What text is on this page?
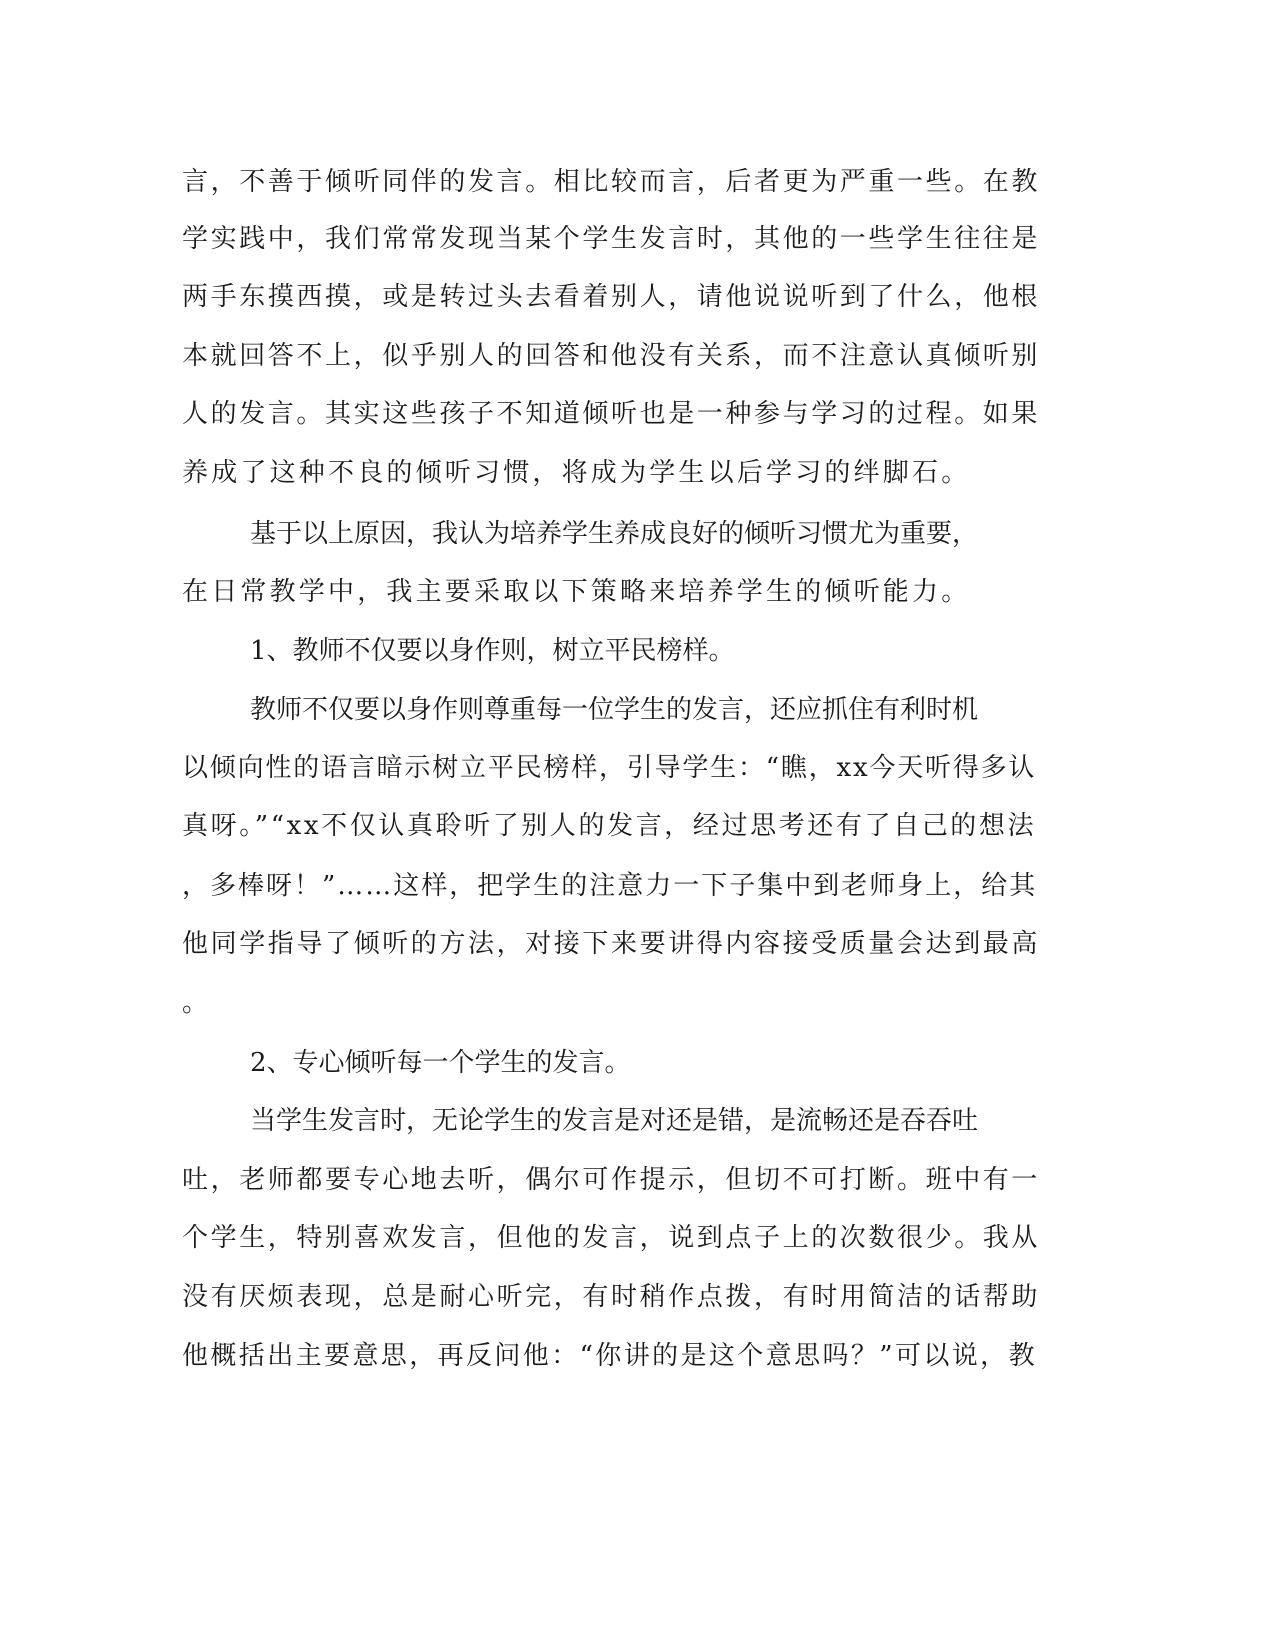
言，不善于倾听同伴的发言。相比较而言，后者更为严重一些。在教
学实践中，我们常常发现当某个学生发言时，其他的一些学生往往是
两手东摸西摸，或是转过头去看着别人，请他说说听到了什么，他根
本就回答不上，似乎别人的回答和他没有关系，而不注意认真倾听别
人的发言。其实这些孩子不知道倾听也是一种参与学习的过程。如果
养成了这种不良的倾听习惯，将成为学生以后学习的绊脚石。
基于以上原因，我认为培养学生养成良好的倾听习惯尤为重要，
在日常教学中，我主要采取以下策略来培养学生的倾听能力。
1、教师不仅要以身作则，树立平民榜样。
教师不仅要以身作则尊重每一位学生的发言，还应抓住有利时机
以倾向性的语言暗示树立平民榜样，引导学生：“瞧，xx今天听得多认
真呀。”“xx不仅认真聆听了别人的发言，经过思考还有了自己的想法
，多棒呀！”……这样，把学生的注意力一下子集中到老师身上，给其
他同学指导了倾听的方法，对接下来要讲得内容接受质量会达到最高
。
2、专心倾听每一个学生的发言。
当学生发言时，无论学生的发言是对还是错，是流畅还是吞吞吐
吐，老师都要专心地去听，偶尔可作提示，但切不可打断。班中有一
个学生，特别喜欢发言，但他的发言，说到点子上的次数很少。我从
没有厌烦表现，总是耐心听完，有时稍作点拨，有时用简洁的话帮助
他概括出主要意思，再反问他：“你讲的是这个意思吗？”可以说，教
